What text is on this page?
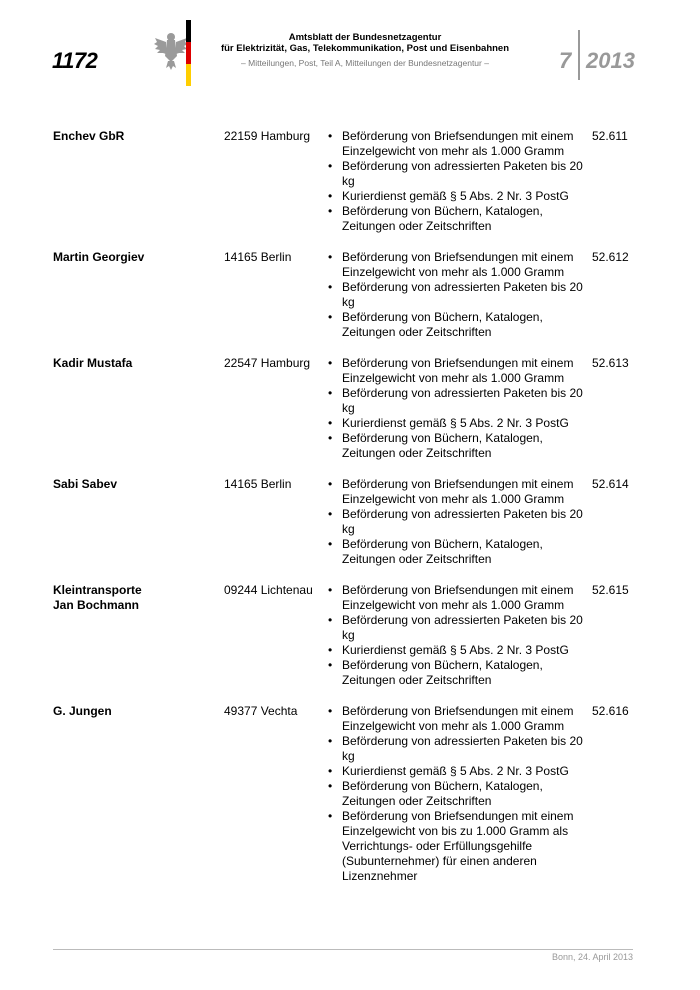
1172
Amtsblatt der Bundesnetzagentur
für Elektrizität, Gas, Telekommunikation, Post und Eisenbahnen
– Mitteilungen, Post, Teil A, Mitteilungen der Bundesnetzagentur –	7 2013
Enchev GbR	22159 Hamburg	• Beförderung von Briefsendungen mit einem Einzelgewicht von mehr als 1.000 Gramm
• Beförderung von adressierten Paketen bis 20 kg
• Kurierdienst gemäß § 5 Abs. 2 Nr. 3 PostG
• Beförderung von Büchern, Katalogen, Zeitungen oder Zeitschriften
52.611
Martin Georgiev	14165 Berlin	• Beförderung von Briefsendungen mit einem Einzelgewicht von mehr als 1.000 Gramm
• Beförderung von adressierten Paketen bis 20 kg
• Beförderung von Büchern, Katalogen, Zeitungen oder Zeitschriften
52.612
Kadir Mustafa	22547 Hamburg	• Beförderung von Briefsendungen mit einem Einzelgewicht von mehr als 1.000 Gramm
• Beförderung von adressierten Paketen bis 20 kg
• Kurierdienst gemäß § 5 Abs. 2 Nr. 3 PostG
• Beförderung von Büchern, Katalogen, Zeitungen oder Zeitschriften
52.613
Sabi Sabev	14165 Berlin	• Beförderung von Briefsendungen mit einem Einzelgewicht von mehr als 1.000 Gramm
• Beförderung von adressierten Paketen bis 20 kg
• Beförderung von Büchern, Katalogen, Zeitungen oder Zeitschriften
52.614
Kleintransporte
Jan Bochmann
09244 Lichtenau	• Beförderung von Briefsendungen mit einem Einzelgewicht von mehr als 1.000 Gramm
• Beförderung von adressierten Paketen bis 20 kg
• Kurierdienst gemäß § 5 Abs. 2 Nr. 3 PostG
• Beförderung von Büchern, Katalogen, Zeitungen oder Zeitschriften
52.615
G. Jungen	49377 Vechta	• Beförderung von Briefsendungen mit einem Einzelgewicht von mehr als 1.000 Gramm
• Beförderung von adressierten Paketen bis 20 kg
• Kurierdienst gemäß § 5 Abs. 2 Nr. 3 PostG
• Beförderung von Büchern, Katalogen, Zeitungen oder Zeitschriften
• Beförderung von Briefsendungen mit einem Einzelgewicht von bis zu 1.000 Gramm als Verrichtungs- oder Erfüllungsgehilfe (Subunternehmer) für einen anderen Lizenznehmer
52.616
Bonn, 24. April 2013
